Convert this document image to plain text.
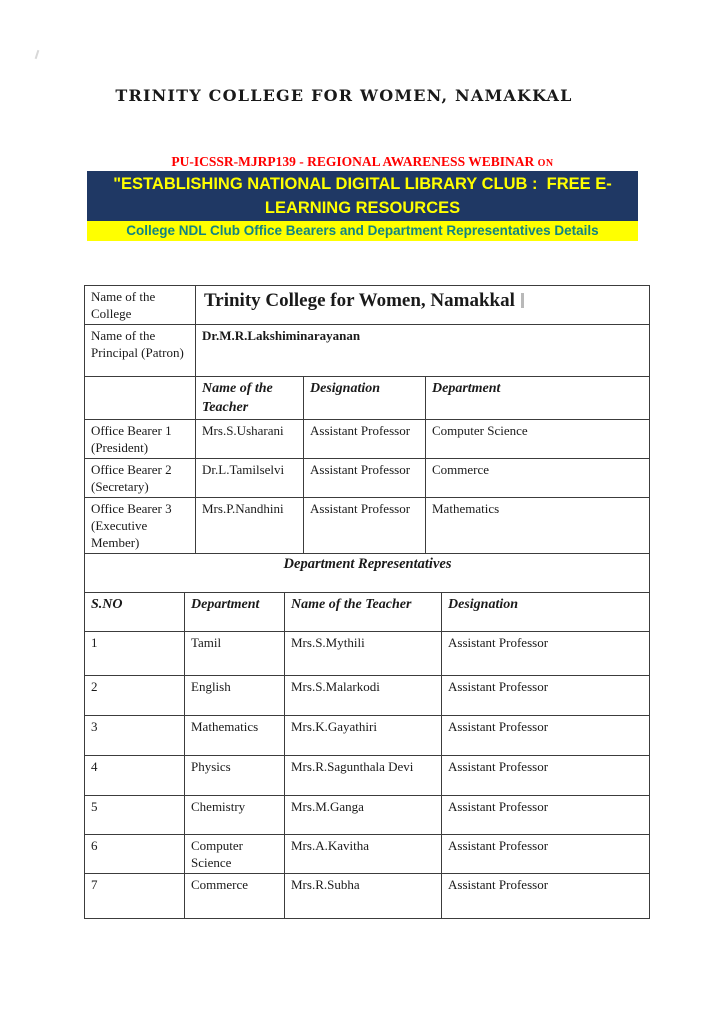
TRINITY COLLEGE FOR WOMEN, NAMAKKAL
PU-ICSSR-MJRP139 - REGIONAL AWARENESS WEBINAR ON
"ESTABLISHING NATIONAL DIGITAL LIBRARY CLUB :  FREE E-
LEARNING RESOURCES
College NDL Club Office Bearers and Department Representatives Details
Name of the College	Trinity College for Women, Namakkal		
Name of the Principal (Patron)	Dr.M.R.Lakshiminarayanan		
	Name of the Teacher	Designation	Department
Office Bearer 1 (President)	Mrs.S.Usharani	Assistant Professor	Computer Science
Office Bearer 2 (Secretary)	Dr.L.Tamilselvi	Assistant Professor	Commerce
Office Bearer 3 (Executive Member)	Mrs.P.Nandhini	Assistant Professor	Mathematics
Department Representatives			
S.NO	Department	Name of the Teacher	Designation
1	Tamil	Mrs.S.Mythili	Assistant Professor
2	English	Mrs.S.Malarkodi	Assistant Professor
3	Mathematics	Mrs.K.Gayathiri	Assistant Professor
4	Physics	Mrs.R.Sagunthala Devi	Assistant Professor
5	Chemistry	Mrs.M.Ganga	Assistant Professor
6	Computer Science	Mrs.A.Kavitha	Assistant Professor
7	Commerce	Mrs.R.Subha	Assistant Professor
